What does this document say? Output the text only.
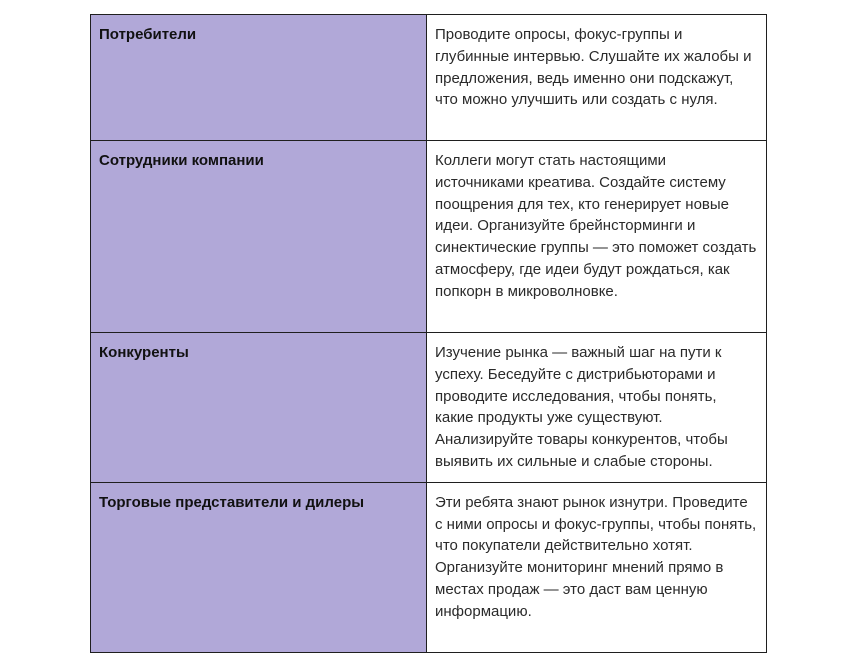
Потребители	Проводите опросы, фокус-группы и глубинные интервью. Слушайте их жалобы и предложения, ведь именно они подскажут, что можно улучшить или создать с нуля.
Сотрудники компании	Коллеги могут стать настоящими источниками креатива. Создайте систему поощрения для тех, кто генерирует новые идеи. Организуйте брейнсторминги и синектические группы — это поможет создать атмосферу, где идеи будут рождаться, как попкорн в микроволновке.
Конкуренты	Изучение рынка — важный шаг на пути к успеху. Беседуйте с дистрибьюторами и проводите исследования, чтобы понять, какие продукты уже существуют. Анализируйте товары конкурентов, чтобы выявить их сильные и слабые стороны.
Торговые представители и дилеры	Эти ребята знают рынок изнутри. Проведите с ними опросы и фокус-группы, чтобы понять, что покупатели действительно хотят. Организуйте мониторинг мнений прямо в местах продаж — это даст вам ценную информацию.
